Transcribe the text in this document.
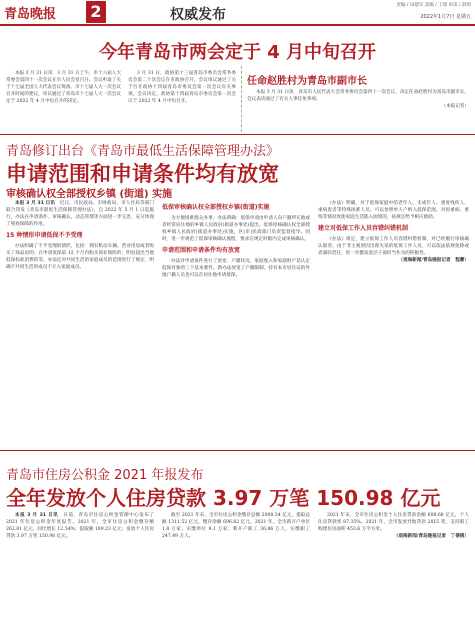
青岛晚报 2	权威发布
责编 / 田建军 美编 / 王瑞 审读 / 薛明
2022年1月7日 星期五
今年青岛市两会定于 4 月中旬召开

本报 3 月 31 日讯　3 月 31 日上午，市十六届人大常委会第四十一次会议在市人民会堂召开。会议听取了关于十七届全国人大代表会议筹备、市十七届人大一次会议召开时间的建议，审议通过了青岛市十七届人大一次会议定于 2022 年 4 月中旬召开的决定。

3 月 31 日，政协第十三届青岛市委员会常务委员会第二十次会议在市政协召开。会议审议通过了关于召开政协十四届青岛市委员会第一次会议有关事项。会议决定，政协第十四届青岛市委员会第一次会议于 2022 年 4 月中旬召开。

任命赵胜村为青岛市副市长

本报 3 月 31 日讯　青岛市人民代表大会常务委员会第四十一次会议，决定任命赵胜村为青岛市副市长。会议表决通过了有关人事任免事项。

（本报记者）

青岛修订出台《青岛市最低生活保障管理办法》
申请范围和申请条件均有放宽
审核确认权全部授权乡镇 (街道) 实施

本报 3 月 31 日讯　 近日，市民政局、市财政局、市人社局等部门联合印发《青岛市最低生活保障管理办法》，自 2022 年 5 月 1 日起施行，办法在申请条件、审核确认、动态管理等方面进一步完善，充分体现了兜底保障的作用。

15 种情形申请低保不予受理

办法明确了不予受理的情形，包括：拥有机动车辆、营业用房或者购买了商品房的；在申请低保前 12 个月内购买商业保险的；明显超出当地低保标准消费的等。办法还对共同生活的家庭成员的范围进行了规定，明确不共同生活的成员不计入家庭成员。

低保审核确认权全部授权乡镇(街道)实施

为方便困难群众办事，办法明确：低保申请由申请人向户籍所在地或者经常居住地的乡镇人民政府(街道办事处)提出。低保审核确认权全部授权乡镇人民政府(街道办事处)实施，区(市)民政部门负责监督指导。同时，进一步规范了低保审核确认流程，要求在规定时限内完成审核确认。

申请范围和申请条件均有放宽

办法对申请条件进行了放宽：户籍状况、家庭收入和家庭财产是认定低保对象的三个基本要件。新办法放宽了户籍限制，持有本市居住证的外地户籍人员也可以在居住地申请低保。

《办法》明确，对于低保家庭中的老年人、未成年人、重度残疾人、重病患者等特殊困难人员，可以参照单人户纳入低保范围。对因重病、重残等情况致使家庭生活陷入困境的，按规定给予相应救助。

建立对低保工作人员容错纠错机制

《办法》规定，建立低保工作人员容错纠错机制，对已经履行审核确认职责、由于非主观原因出现失误的低保工作人员，可以依法依规免除或者减轻责任，进一步激发基层干部担当作为的积极性。

（观海新闻/青岛晚报记者　程蕾）

青岛市住房公积金 2021 年报发布
全年发放个人住房贷款 3.97 万笔 150.98 亿元

本报 3 月 31 日讯　 日前，青岛市住房公积金管理中心发布了 2021 年住房公积金年度报告。2021 年，全市住房公积金缴存额 262.81 亿元，同比增长 12.54%；提取额 189.23 亿元；发放个人住房贷款 3.97 万笔 150.98 亿元。

截至 2021 年末，全市住房公积金缴存总额 2008.34 亿元，提取总额 1311.52 亿元，缴存余额 696.82 亿元。2021 年，全市新开户单位 1.8 万家，实缴单位 9.1 万家；新开户职工 36.86 万人，实缴职工 247.49 万人。

2021 年末，全市住房公积金个人住房贷款余额 608.68 亿元，个人住房贷款率 87.35%。2021 年，全市发放异地贷款 2815 笔，支持职工购建住房面积 453.6 万平方米。

（观海新闻/青岛晚报记者　丁倩倩）
